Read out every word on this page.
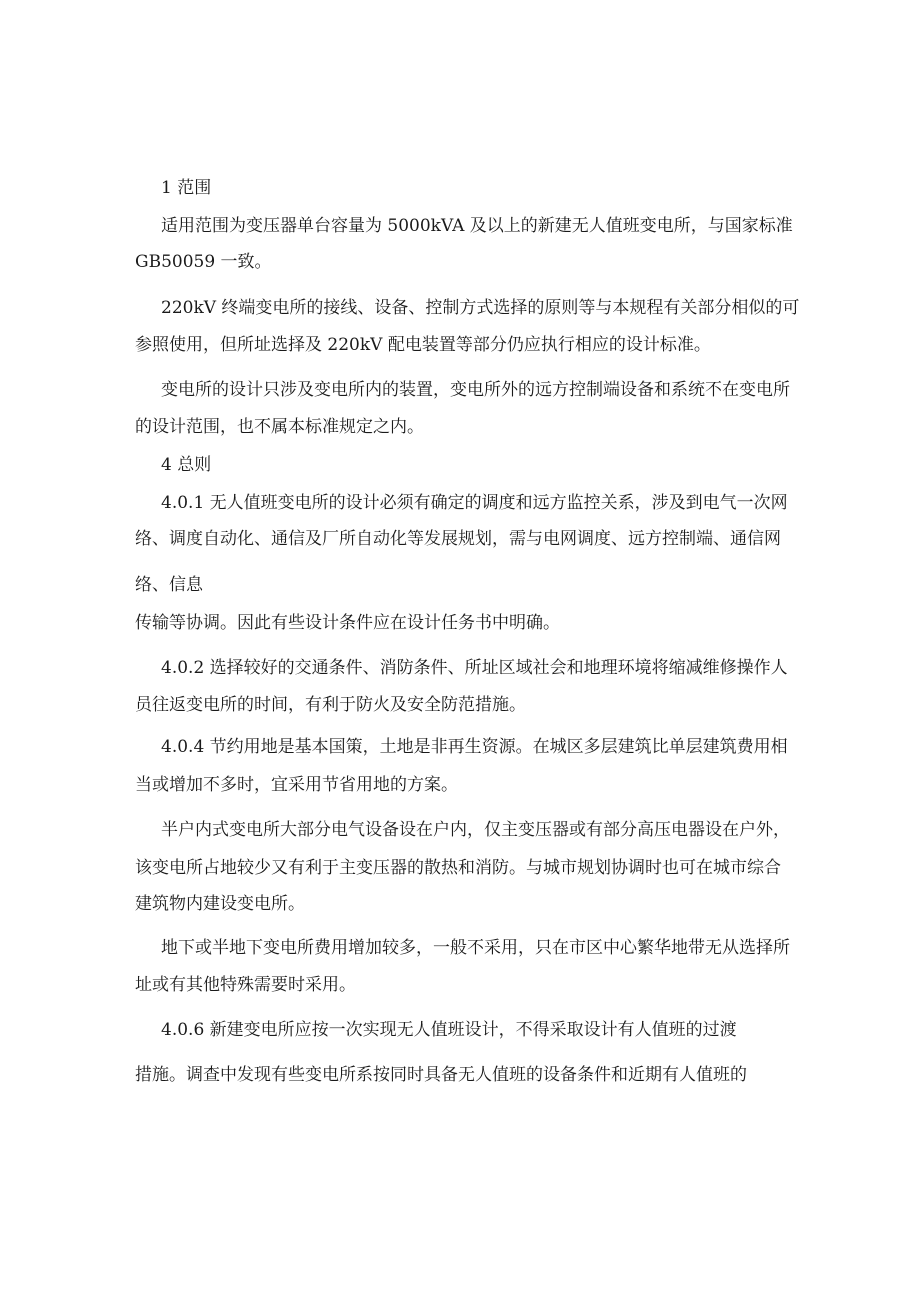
1 范围
适用范围为变压器单台容量为 5000kVA 及以上的新建无人值班变电所，与国家标准
GB50059 一致。
220kV 终端变电所的接线、设备、控制方式选择的原则等与本规程有关部分相似的可
参照使用，但所址选择及 220kV 配电装置等部分仍应执行相应的设计标准。
变电所的设计只涉及变电所内的装置，变电所外的远方控制端设备和系统不在变电所
的设计范围，也不属本标准规定之内。
4 总则
4.0.1 无人值班变电所的设计必须有确定的调度和远方监控关系，涉及到电气一次网
络、调度自动化、通信及厂所自动化等发展规划，需与电网调度、远方控制端、通信网
络、信息
传输等协调。因此有些设计条件应在设计任务书中明确。
4.0.2 选择较好的交通条件、消防条件、所址区域社会和地理环境将缩减维修操作人
员往返变电所的时间，有利于防火及安全防范措施。
4.0.4 节约用地是基本国策，土地是非再生资源。在城区多层建筑比单层建筑费用相
当或增加不多时，宜采用节省用地的方案。
半户内式变电所大部分电气设备设在户内，仅主变压器或有部分高压电器设在户外，
该变电所占地较少又有利于主变压器的散热和消防。与城市规划协调时也可在城市综合
建筑物内建设变电所。
地下或半地下变电所费用增加较多，一般不采用，只在市区中心繁华地带无从选择所
址或有其他特殊需要时采用。
4.0.6 新建变电所应按一次实现无人值班设计，不得采取设计有人值班的过渡
措施。调查中发现有些变电所系按同时具备无人值班的设备条件和近期有人值班的
